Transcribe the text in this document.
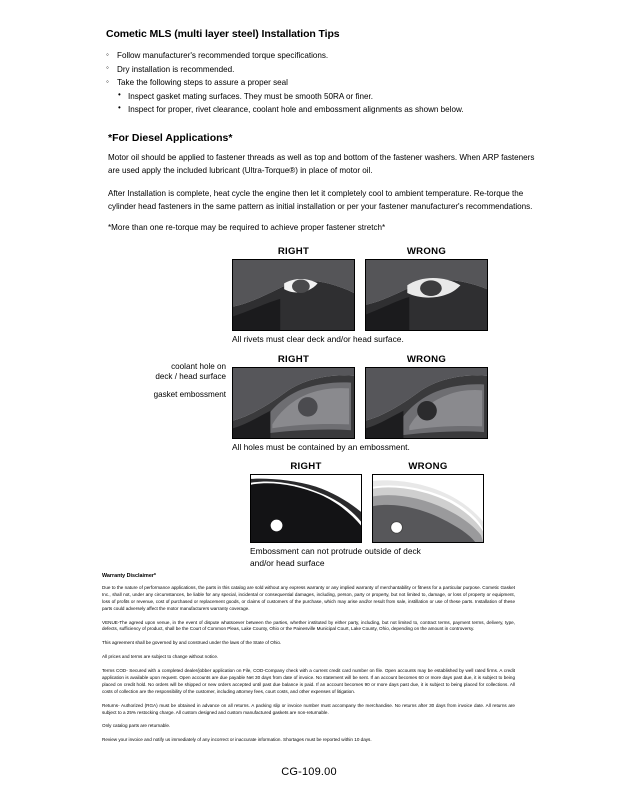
Cometic MLS (multi layer steel) Installation Tips
◦ Follow manufacturer's recommended torque specifications.
◦ Dry installation is recommended.
◦ Take the following steps to assure a proper seal
• Inspect gasket mating surfaces. They must be smooth 50RA or finer.
• Inspect for proper, rivet clearance, coolant hole and embossment alignments as shown below.
*For Diesel Applications*

Motor oil should be applied to fastener threads as well as top and bottom of the fastener washers. When ARP fasteners are used apply the included lubricant (Ultra-Torque®) in place of motor oil.

After Installation is complete, heat cycle the engine then let it completely cool to ambient temperature. Re-torque the cylinder head fasteners in the same pattern as initial installation or per your fastener manufacturer's recommendations.

*More than one re-torque may be required to achieve proper fastener stretch*

RIGHT	WRONG
All rivets must clear deck and/or head surface.
coolant hole on
deck / head surface
gasket embossment
RIGHT	WRONG
All holes must be contained by an embossment.
RIGHT	WRONG
Embossment can not protrude outside of deck
and/or head surface
Warranty Disclaimer*

Due to the nature of performance applications, the parts in this catalog are sold without any express warranty or any implied warranty of merchantability or fitness for a particular purpose. Cometic Gasket Inc., shall not, under any circumstances, be liable for any special, incidental or consequential damages, including, person, party or property, but not limited to, damage, or loss of property or equipment, loss of profits or revenue, cost of purchased or replacement goods, or claims of customers of the purchase, which may arise and/or result from sale, instillation or use of these parts. Installation of these parts could adversely affect the motor manufacturers warranty coverage.

VENUE-The agreed upon venue, in the event of dispute whatsoever between the parties, whether instituted by either party, including, but not limited to, contract terms, payment terms, delivery, type, defects, sufficiency of product, shall be the Court of Common Pleas, Lake County, Ohio or the Painesville Municipal Court, Lake County, Ohio, depending on the amount in controversy.

This agreement shall be governed by and construed under the laws of the State of Ohio.

All prices and terms are subject to change without notice.

Terms COD- Secured with a completed dealer/jobber application on File, COD-Company check with a current credit card number on file. Open accounts may be established by well rated firms. A credit application is available upon request. Open accounts are due payable Net 30 days from date of invoice. No statement will be sent. If an account becomes 60 or more days past due, it is subject to being placed on credit hold. No orders will be shipped or new orders accepted until past due balance is paid. If an account becomes 90 or more days past due, it is subject to being placed for collections. All costs of collection are the responsibility of the customer, including attorney fees, court costs, and other expenses of litigation.

Returns- Authorized (RGA) must be obtained in advance on all returns. A packing slip or invoice number must accompany the merchandise. No returns after 30 days from invoice date. All returns are subject to a 25% restocking charge. All custom designed and custom manufactured gaskets are non-returnable.

Only catalog parts are returnable.

Review your invoice and notify us immediately of any incorrect or inaccurate information. Shortages must be reported within 10 days.

CG-109.00
